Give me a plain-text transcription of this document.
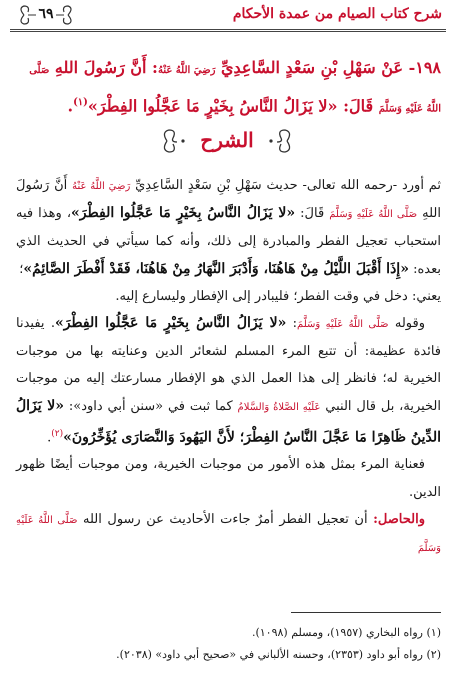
٦٩	شرح كتاب الصيام من عمدة الأحكام
١٩٨- عَنْ سَهْلِ بْنِ سَعْدٍ السَّاعِدِيِّ رَضِيَ اللَّهُ عَنْهُ: أَنَّ رَسُولَ اللهِ صَلَّى اللَّهُ عَلَيْهِ وَسَلَّمَ قَالَ: «لا يَزَالُ النَّاسُ بِخَيْرٍ مَا عَجَّلُوا الفِطْرَ»$^{(١)}$.
الشرح

ثم أورد -رحمه الله تعالى- حديث سَهْلِ بْنِ سَعْدٍ السَّاعِدِيِّ رَضِيَ اللَّهُ عَنْهُ أَنَّ رَسُولَ اللهِ صَلَّى اللَّهُ عَلَيْهِ وَسَلَّمَ قَالَ: «لا يَزَالُ النَّاسُ بِخَيْرٍ مَا عَجَّلُوا الفِطْرَ»، وهذا فيه استحباب تعجيل الفطر والمبادرة إلى ذلك، وأنه كما سيأتي في الحديث الذي بعده: «إِذَا أَقْبَلَ اللَّيْلُ مِنْ هَاهُنَا، وَأَدْبَرَ النَّهَارُ مِنْ هَاهُنَا، فَقَدْ أَفْطَرَ الصَّائِمُ»؛

يعني: دخل في وقت الفطر؛ فليبادر إلى الإفطار وليسارع إليه.

وقوله صَلَّى اللَّهُ عَلَيْهِ وَسَلَّمَ: «لا يَزَالُ النَّاسُ بِخَيْرٍ مَا عَجَّلُوا الفِطْرَ». يفيدنا فائدة عظيمة: أن تتبع المرء المسلم لشعائر الدين وعنايته بها من موجبات الخيرية له؛ فانظر إلى هذا العمل الذي هو الإفطار مسارعتك إليه من موجبات الخيرية، بل قال النبي عَلَيْهِ الصَّلاةُ وَالسَّلامُ كما ثبت في «سنن أبي داود»: «لا يَزَالُ الدِّينُ ظَاهِرًا مَا عَجَّلَ النَّاسُ الفِطْرَ؛ لأَنَّ اليَهُودَ وَالنَّصَارَى يُؤَخِّرُونَ»$^{(٢)}$.

فعناية المرء بمثل هذه الأمور من موجبات الخيرية، ومن موجبات أيضًا ظهور الدين.

والحاصل: أن تعجيل الفطر أمرٌ جاءت الأحاديث عن رسول الله صَلَّى اللَّهُ عَلَيْهِ وَسَلَّمَ

(١) رواه البخاري (١٩٥٧)، ومسلم (١٠٩٨).

(٢) رواه أبو داود (٢٣٥٣)، وحسنه الألباني في «صحيح أبي داود» (٢٠٣٨).
